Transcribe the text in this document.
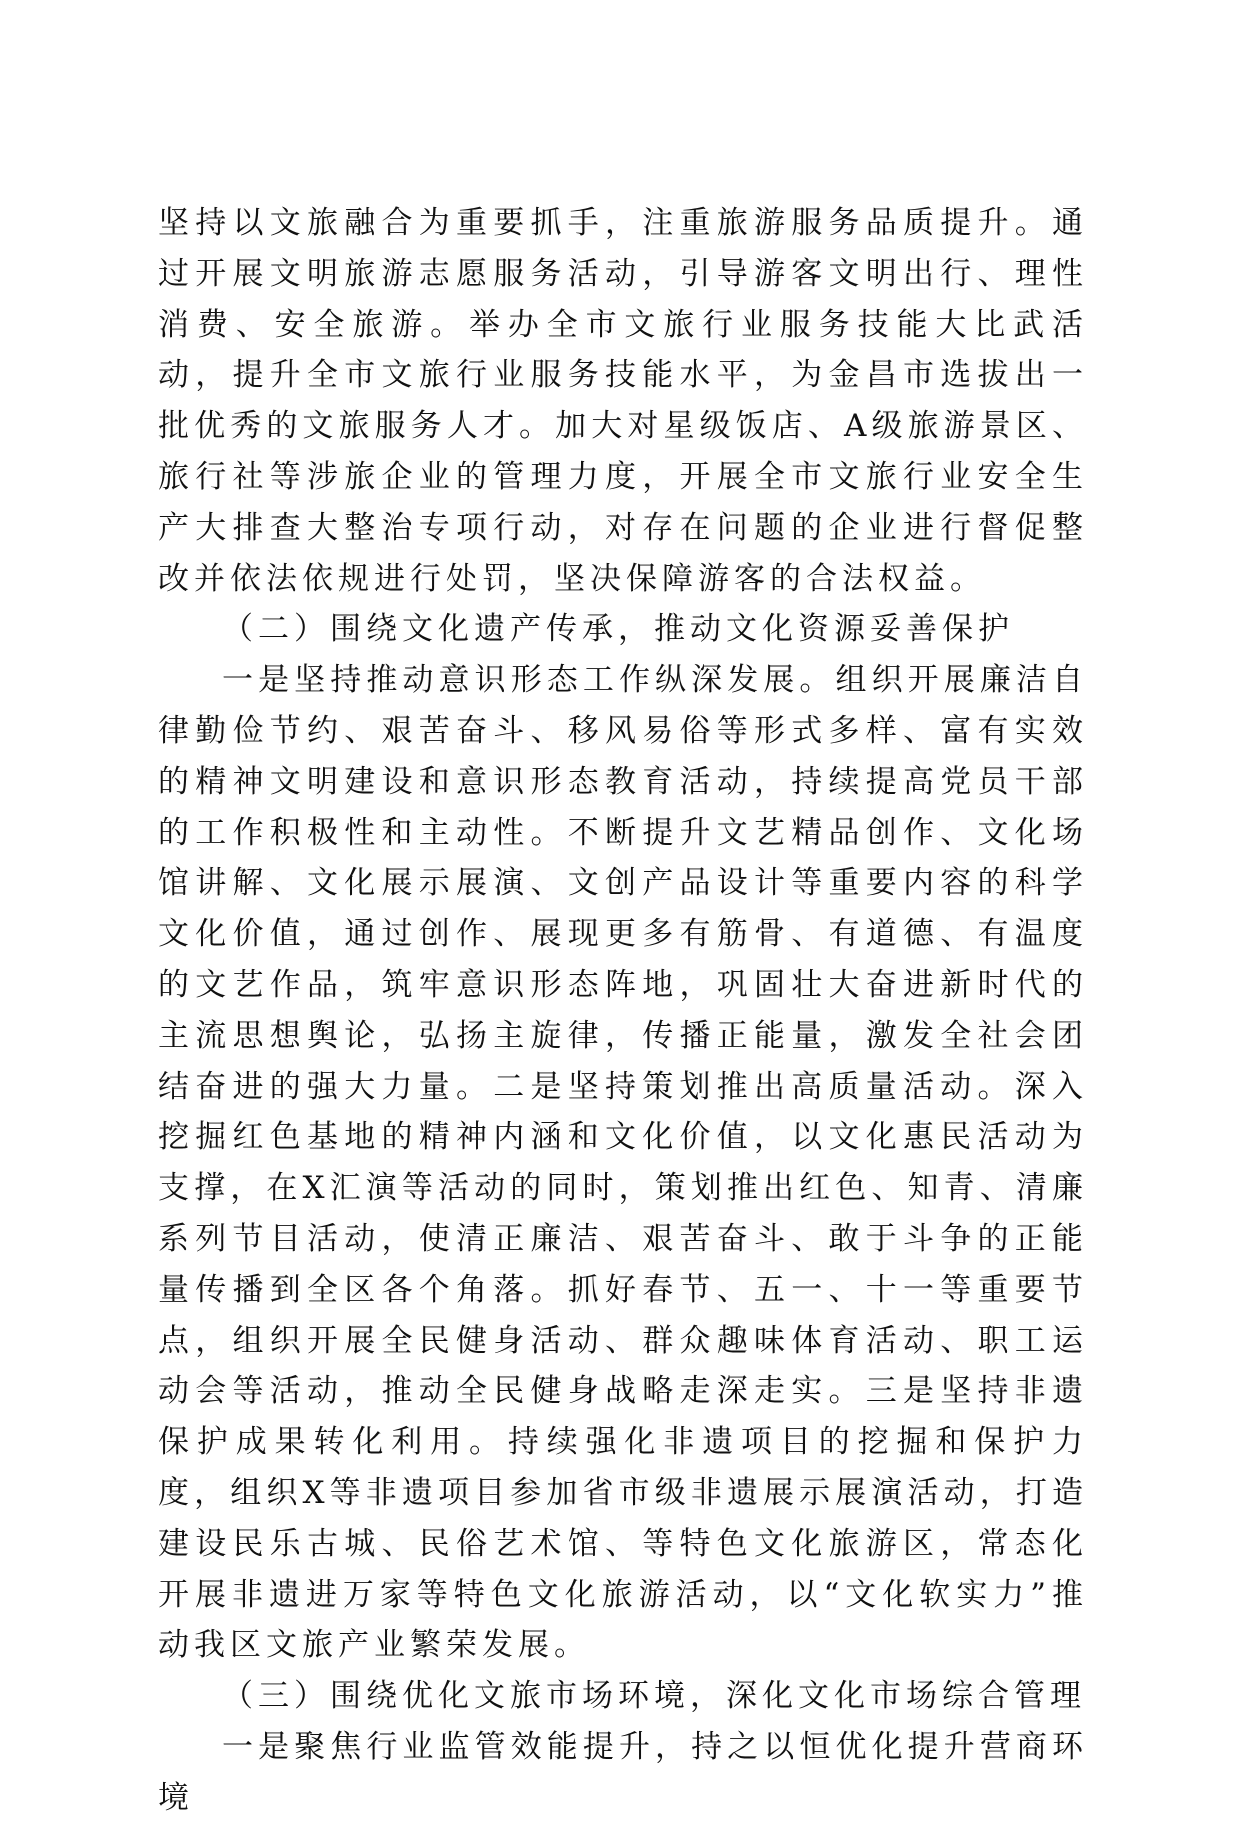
坚持以文旅融合为重要抓手，注重旅游服务品质提升。通过开展文明旅游志愿服务活动，引导游客文明出行、理性消费、安全旅游。举办全市文旅行业服务技能大比武活动，提升全市文旅行业服务技能水平，为金昌市选拔出一批优秀的文旅服务人才。加大对星级饭店、A级旅游景区、旅行社等涉旅企业的管理力度，开展全市文旅行业安全生产大排查大整治专项行动，对存在问题的企业进行督促整改并依法依规进行处罚，坚决保障游客的合法权益。

（二）围绕文化遗产传承，推动文化资源妥善保护

一是坚持推动意识形态工作纵深发展。组织开展廉洁自律勤俭节约、艰苦奋斗、移风易俗等形式多样、富有实效的精神文明建设和意识形态教育活动，持续提高党员干部的工作积极性和主动性。不断提升文艺精品创作、文化场馆讲解、文化展示展演、文创产品设计等重要内容的科学文化价值，通过创作、展现更多有筋骨、有道德、有温度的文艺作品，筑牢意识形态阵地，巩固壮大奋进新时代的主流思想舆论，弘扬主旋律，传播正能量，激发全社会团结奋进的强大力量。二是坚持策划推出高质量活动。深入挖掘红色基地的精神内涵和文化价值，以文化惠民活动为支撑，在X汇演等活动的同时，策划推出红色、知青、清廉系列节目活动，使清正廉洁、艰苦奋斗、敢于斗争的正能量传播到全区各个角落。抓好春节、五一、十一等重要节点，组织开展全民健身活动、群众趣味体育活动、职工运动会等活动，推动全民健身战略走深走实。三是坚持非遗保护成果转化利用。持续强化非遗项目的挖掘和保护力度，组织X等非遗项目参加省市级非遗展示展演活动，打造建设民乐古城、民俗艺术馆、等特色文化旅游区，常态化开展非遗进万家等特色文化旅游活动，以“文化软实力”推动我区文旅产业繁荣发展。

（三）围绕优化文旅市场环境，深化文化市场综合管理

一是聚焦行业监管效能提升，持之以恒优化提升营商环境
